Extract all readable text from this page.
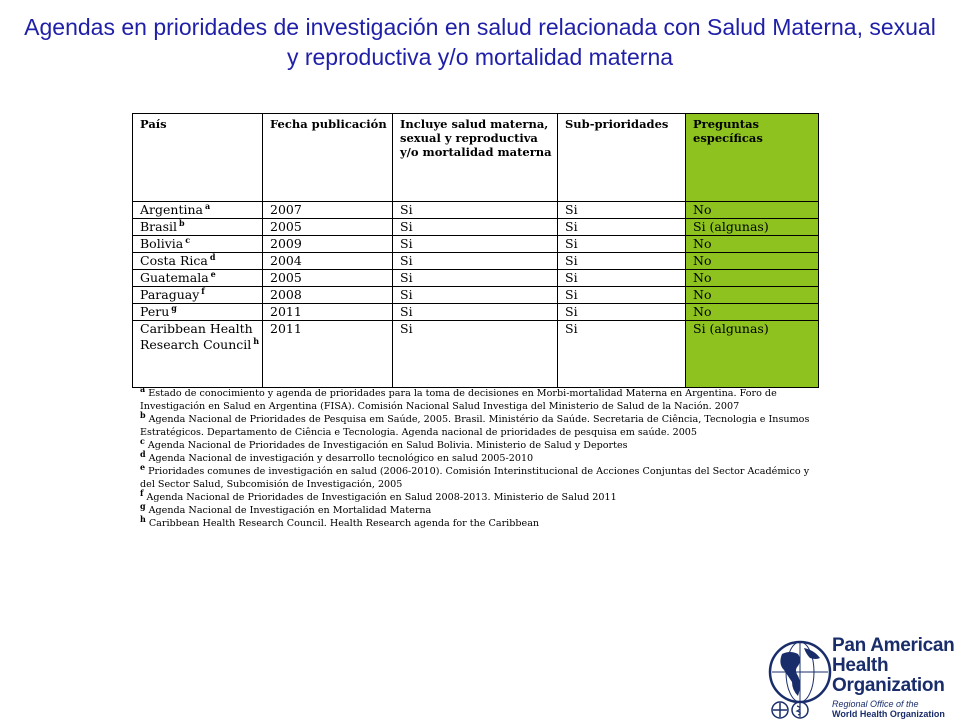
Agendas en prioridades de investigación en salud relacionada con Salud Materna, sexual y reproductiva y/o mortalidad materna
País	Fecha publicación	Incluye salud materna, sexual y reproductiva y/o mortalidad materna	Sub-prioridades	Preguntas específicas
Argentina $^a$	2007	Si	Si	No
Brasil $^b$	2005	Si	Si	Si (algunas)
Bolivia $^c$	2009	Si	Si	No
Costa Rica $^d$	2004	Si	Si	No
Guatemala $^e$	2005	Si	Si	No
Paraguay $^f$	2008	Si	Si	No
Peru $^g$	2011	Si	Si	No
Caribbean Health Research Council $^h$	2011	Si	Si	Si (algunas)

$^a$ Estado de conocimiento y agenda de prioridades para la toma de decisiones en Morbi-mortalidad Materna en Argentina. Foro de Investigación en Salud en Argentina (FISA). Comisión Nacional Salud Investiga del Ministerio de Salud de la Nación. 2007

$^b$ Agenda Nacional de Prioridades de Pesquisa em Saúde, 2005. Brasil. Ministério da Saúde. Secretaria de Ciência, Tecnologia e Insumos Estratégicos. Departamento de Ciência e Tecnologia. Agenda nacional de prioridades de pesquisa em saúde. 2005

$^c$ Agenda Nacional de Prioridades de Investigación en Salud Bolivia. Ministerio de Salud y Deportes

$^d$ Agenda Nacional de investigación y desarrollo tecnológico en salud 2005-2010

$^e$ Prioridades comunes de investigación en salud (2006-2010). Comisión Interinstitucional de Acciones Conjuntas del Sector Académico y del Sector Salud, Subcomisión de Investigación, 2005

$^f$ Agenda Nacional de Prioridades de Investigación en Salud 2008-2013. Ministerio de Salud 2011

$^g$ Agenda Nacional de Investigación en Mortalidad Materna

$^h$ Caribbean Health Research Council. Health Research agenda for the Caribbean

Pan American
Health
Organization
Regional Office of the
World Health Organization
